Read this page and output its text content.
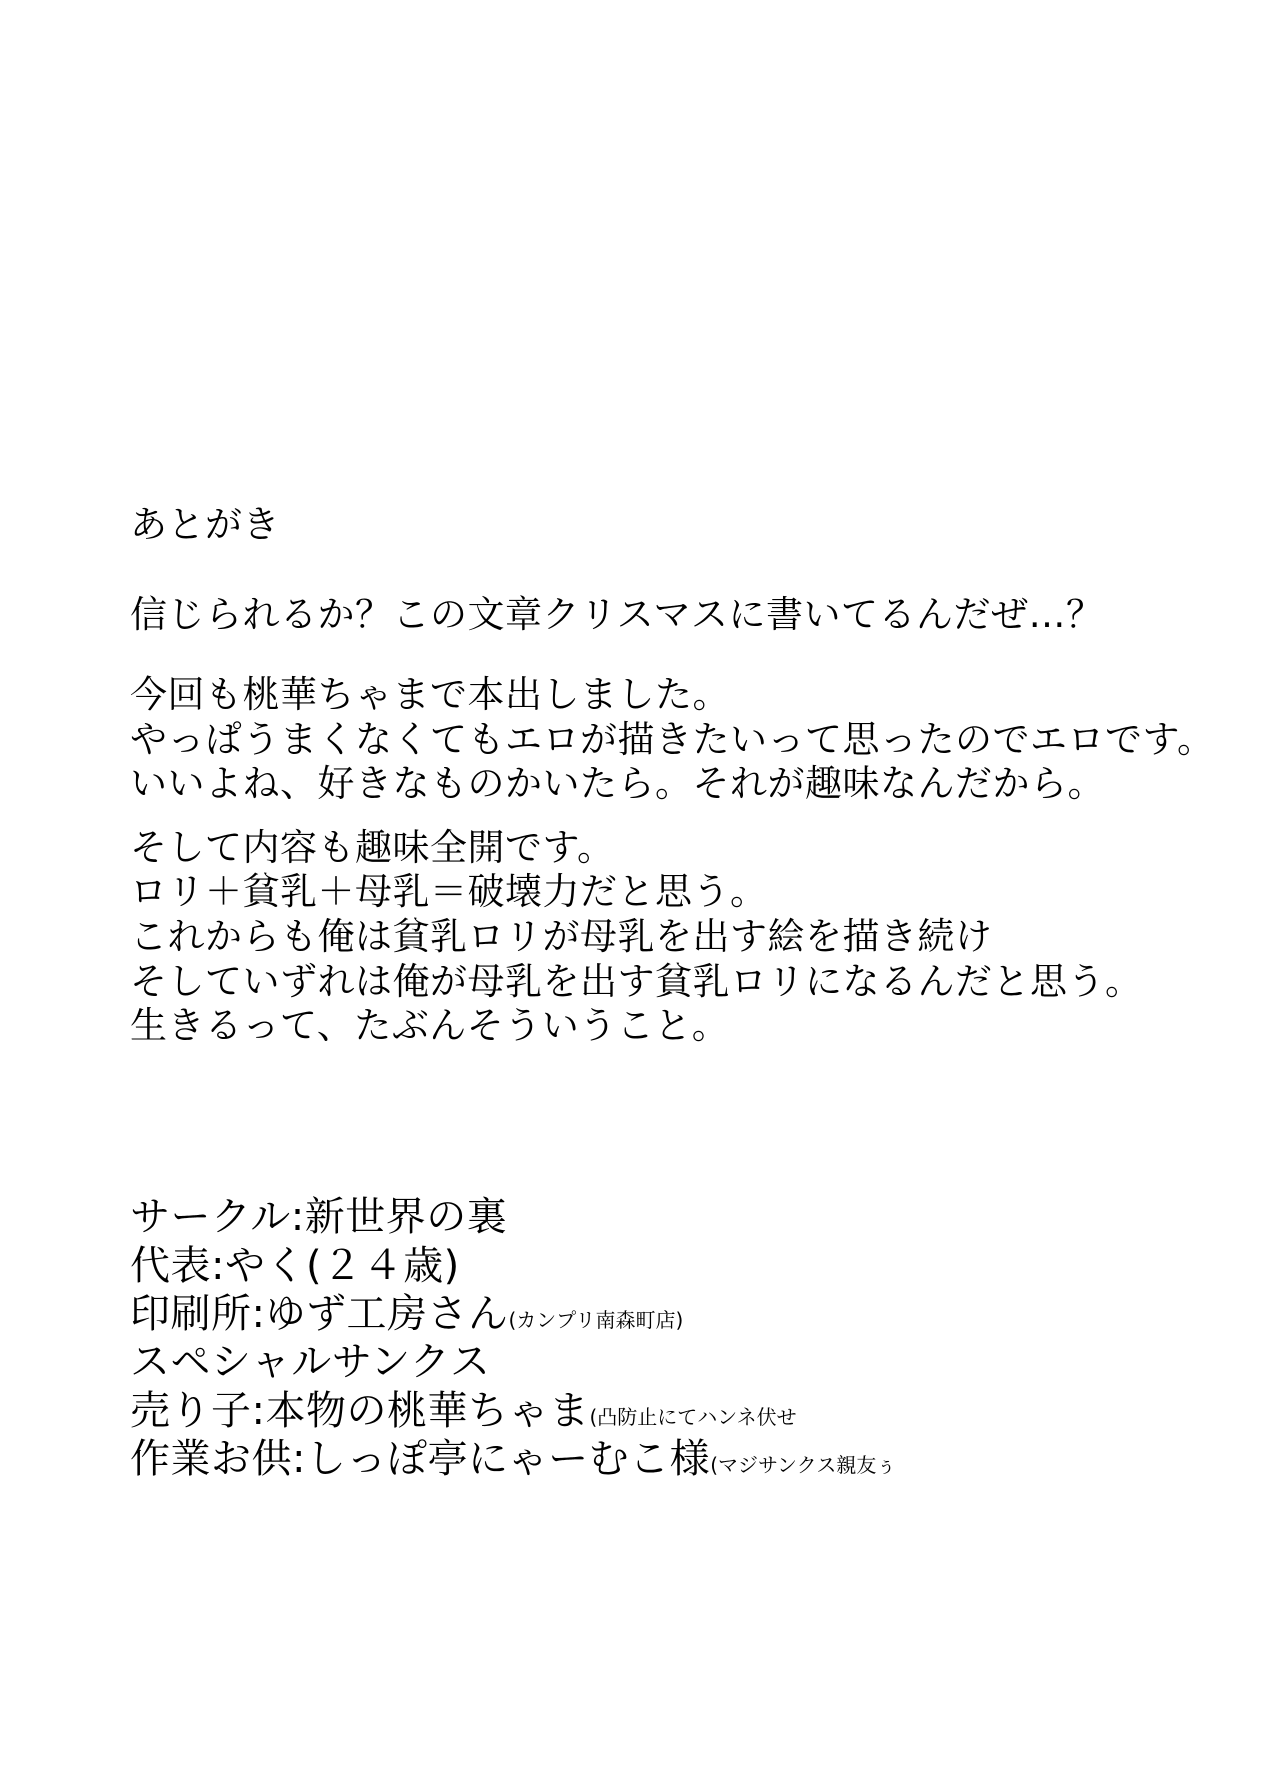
あとがき
信じられるか？この文章クリスマスに書いてるんだぜ…？
今回も桃華ちゃまで本出しました。
やっぱうまくなくてもエロが描きたいって思ったのでエロです。
いいよね、好きなものかいたら。それが趣味なんだから。
そして内容も趣味全開です。
ロリ＋貧乳＋母乳＝破壊力だと思う。
これからも俺は貧乳ロリが母乳を出す絵を描き続け
そしていずれは俺が母乳を出す貧乳ロリになるんだと思う。
生きるって、たぶんそういうこと。
サークル:新世界の裏
代表:やく(２４歳)
印刷所:ゆず工房さん(カンプリ南森町店)
スペシャルサンクス
売り子:本物の桃華ちゃま(凸防止にてハンネ伏せ
作業お供:しっぽ亭にゃーむこ様(マジサンクス親友ぅ
